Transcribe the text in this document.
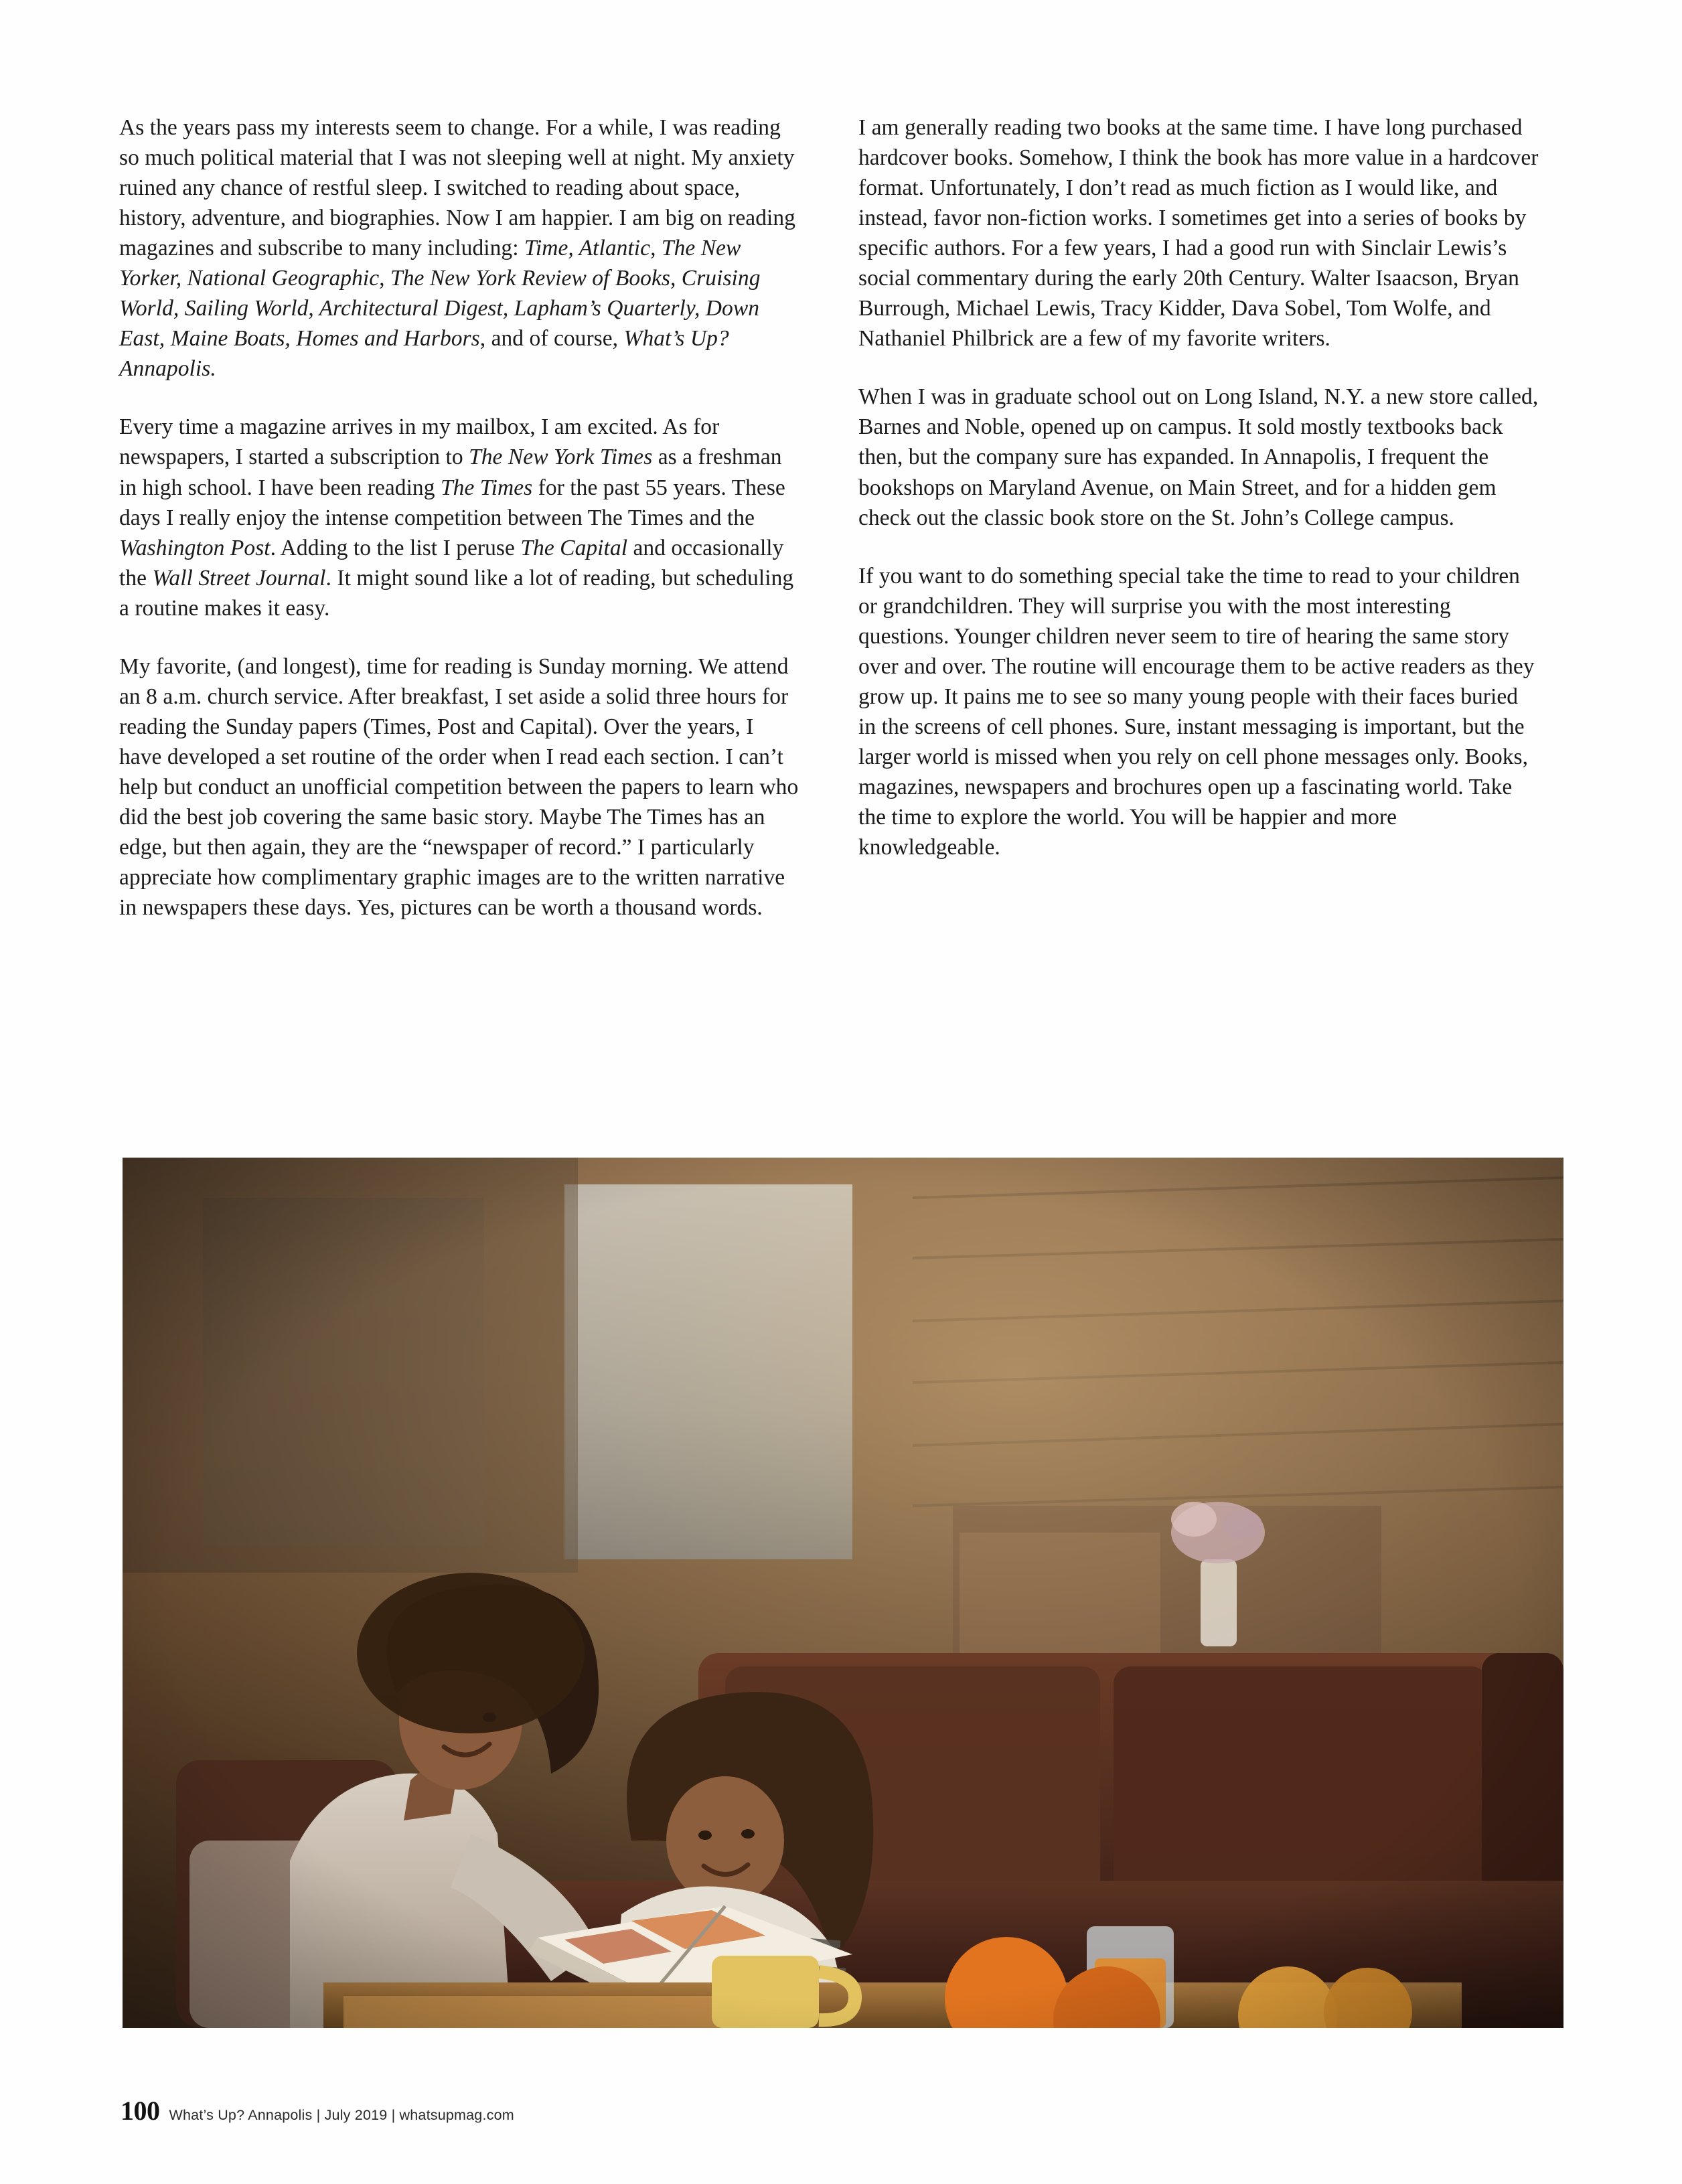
As the years pass my interests seem to change. For a while, I was reading so much political material that I was not sleeping well at night. My anxiety ruined any chance of restful sleep. I switched to reading about space, history, adventure, and biographies. Now I am happier. I am big on reading magazines and subscribe to many including: Time, Atlantic, The New Yorker, National Geographic, The New York Review of Books, Cruising World, Sailing World, Architectural Digest, Lapham’s Quarterly, Down East, Maine Boats, Homes and Harbors, and of course, What’s Up? Annapolis.

Every time a magazine arrives in my mailbox, I am excited. As for newspapers, I started a subscription to The New York Times as a freshman in high school. I have been reading The Times for the past 55 years. These days I really enjoy the intense competition between The Times and the Washington Post. Adding to the list I peruse The Capital and occasionally the Wall Street Journal. It might sound like a lot of reading, but scheduling a routine makes it easy.

My favorite, (and longest), time for reading is Sunday morning. We attend an 8 a.m. church service. After breakfast, I set aside a solid three hours for reading the Sunday papers (Times, Post and Capital). Over the years, I have developed a set routine of the order when I read each section. I can’t help but conduct an unofficial competition between the papers to learn who did the best job covering the same basic story. Maybe The Times has an edge, but then again, they are the “newspaper of record.” I particularly appreciate how complimentary graphic images are to the written narrative in newspapers these days. Yes, pictures can be worth a thousand words.

I am generally reading two books at the same time. I have long purchased hardcover books. Somehow, I think the book has more value in a hardcover format. Unfortunately, I don’t read as much fiction as I would like, and instead, favor non-fiction works. I sometimes get into a series of books by specific authors. For a few years, I had a good run with Sinclair Lewis’s social commentary during the early 20th Century. Walter Isaacson, Bryan Burrough, Michael Lewis, Tracy Kidder, Dava Sobel, Tom Wolfe, and Nathaniel Philbrick are a few of my favorite writers.

When I was in graduate school out on Long Island, N.Y. a new store called, Barnes and Noble, opened up on campus. It sold mostly textbooks back then, but the company sure has expanded. In Annapolis, I frequent the bookshops on Maryland Avenue, on Main Street, and for a hidden gem check out the classic book store on the St. John’s College campus.

If you want to do something special take the time to read to your children or grandchildren. They will surprise you with the most interesting questions. Younger children never seem to tire of hearing the same story over and over. The routine will encourage them to be active readers as they grow up. It pains me to see so many young people with their faces buried in the screens of cell phones. Sure, instant messaging is important, but the larger world is missed when you rely on cell phone messages only. Books, magazines, newspapers and brochures open up a fascinating world. Take the time to explore the world. You will be happier and more knowledgeable.

100 What’s Up? Annapolis | July 2019 | whatsupmag.com
